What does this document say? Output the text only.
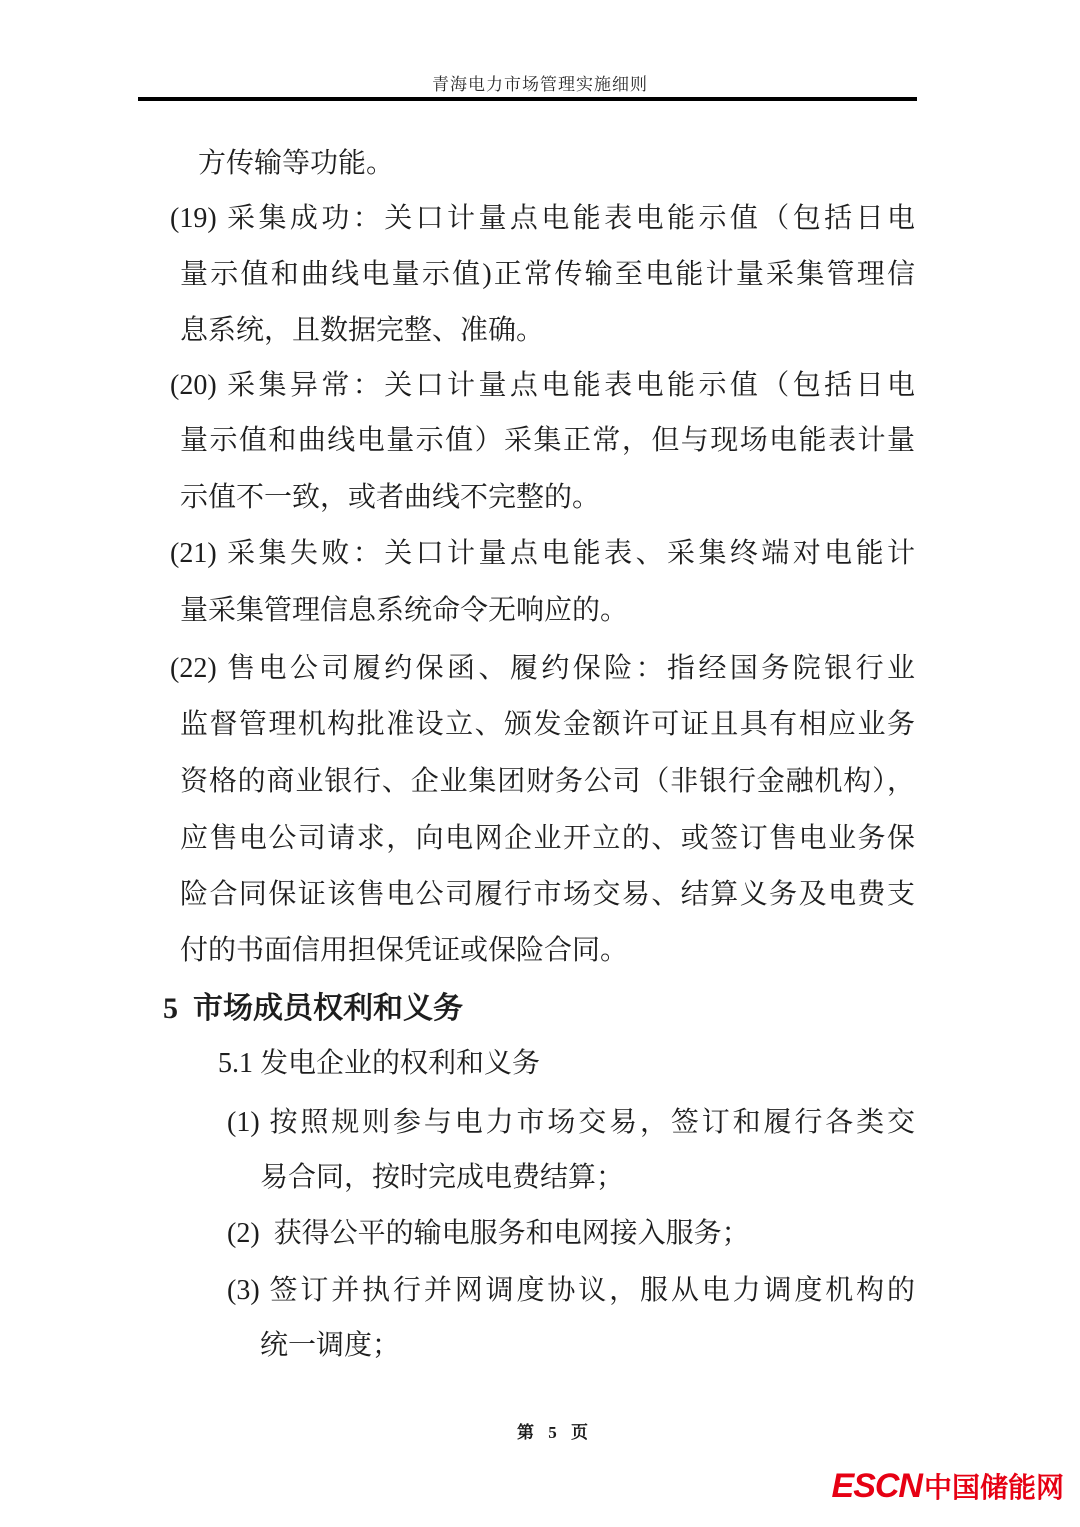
青海电力市场管理实施细则
方传输等功能。
(19) 采集成功：关口计量点电能表电能示值（包括日电
量示值和曲线电量示值)正常传输至电能计量采集管理信
息系统，且数据完整、准确。
(20) 采集异常：关口计量点电能表电能示值（包括日电
量示值和曲线电量示值）采集正常，但与现场电能表计量
示值不一致，或者曲线不完整的。
(21) 采集失败：关口计量点电能表、采集终端对电能计
量采集管理信息系统命令无响应的。
(22) 售电公司履约保函、履约保险：指经国务院银行业
监督管理机构批准设立、颁发金额许可证且具有相应业务
资格的商业银行、企业集团财务公司（非银行金融机构），
应售电公司请求，向电网企业开立的、或签订售电业务保
险合同保证该售电公司履行市场交易、结算义务及电费支
付的书面信用担保凭证或保险合同。
5  市场成员权利和义务
5.1 发电企业的权利和义务
(1) 按照规则参与电力市场交易，签订和履行各类交
易合同，按时完成电费结算；
(2)  获得公平的输电服务和电网接入服务；
(3) 签订并执行并网调度协议，服从电力调度机构的
统一调度；
第 5 页
ESCN 中国储能网
